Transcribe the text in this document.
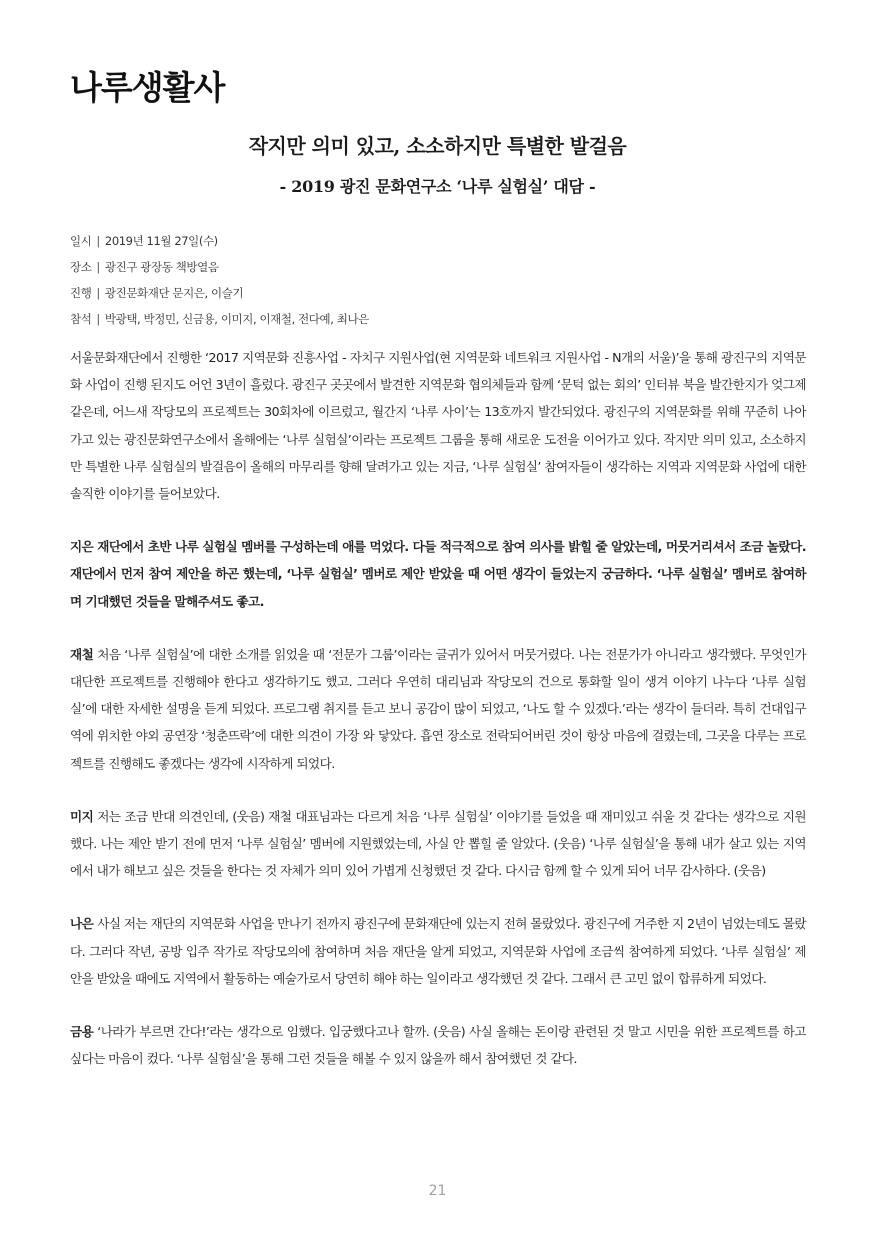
나루생활사
작지만 의미 있고, 소소하지만 특별한 발걸음
- 2019 광진 문화연구소 ‘나루 실험실’ 대담 -
일시 | 2019년 11월 27일(수)
장소 | 광진구 광장동 책방열음
진행 | 광진문화재단 문지은, 이슬기
참석 | 박광택, 박정민, 신금용, 이미지, 이재철, 전다예, 최나은

서울문화재단에서 진행한 ‘2017 지역문화 진흥사업 - 자치구 지원사업(현 지역문화 네트워크 지원사업 - N개의 서울)’을 통해 광진구의 지역문화 사업이 진행 된지도 어언 3년이 흘렀다. 광진구 곳곳에서 발견한 지역문화 협의체들과 함께 ‘문턱 없는 회의’ 인터뷰 북을 발간한지가 엊그제 같은데, 어느새 작당모의 프로젝트는 30회차에 이르렀고, 월간지 ‘나루 사이’는 13호까지 발간되었다. 광진구의 지역문화를 위해 꾸준히 나아가고 있는 광진문화연구소에서 올해에는 ‘나루 실험실’이라는 프로젝트 그룹을 통해 새로운 도전을 이어가고 있다. 작지만 의미 있고, 소소하지만 특별한 나루 실험실의 발걸음이 올해의 마무리를 향해 달려가고 있는 지금, ‘나루 실험실’ 참여자들이 생각하는 지역과 지역문화 사업에 대한 솔직한 이야기를 들어보았다.

지은 재단에서 초반 나루 실험실 멤버를 구성하는데 애를 먹었다. 다들 적극적으로 참여 의사를 밝힐 줄 알았는데, 머뭇거리셔서 조금 놀랐다. 재단에서 먼저 참여 제안을 하곤 했는데, ‘나루 실험실’ 멤버로 제안 받았을 때 어떤 생각이 들었는지 궁금하다. ‘나루 실험실’ 멤버로 참여하며 기대했던 것들을 말해주셔도 좋고.

재철 처음 ‘나루 실험실’에 대한 소개를 읽었을 때 ‘전문가 그룹’이라는 글귀가 있어서 머뭇거렸다. 나는 전문가가 아니라고 생각했다. 무엇인가 대단한 프로젝트를 진행해야 한다고 생각하기도 했고. 그러다 우연히 대리님과 작당모의 건으로 통화할 일이 생겨 이야기 나누다 ‘나루 실험실’에 대한 자세한 설명을 듣게 되었다. 프로그램 취지를 듣고 보니 공감이 많이 되었고, ‘나도 할 수 있겠다.’라는 생각이 들더라. 특히 건대입구역에 위치한 야외 공연장 ‘청춘뜨락’에 대한 의견이 가장 와 닿았다. 흡연 장소로 전락되어버린 것이 항상 마음에 걸렸는데, 그곳을 다루는 프로젝트를 진행해도 좋겠다는 생각에 시작하게 되었다.

미지 저는 조금 반대 의견인데, (웃음) 재철 대표님과는 다르게 처음 ‘나루 실험실’ 이야기를 들었을 때 재미있고 쉬울 것 같다는 생각으로 지원했다. 나는 제안 받기 전에 먼저 ‘나루 실험실’ 멤버에 지원했었는데, 사실 안 뽑힐 줄 알았다. (웃음) ‘나루 실험실’을 통해 내가 살고 있는 지역에서 내가 해보고 싶은 것들을 한다는 것 자체가 의미 있어 가볍게 신청했던 것 같다. 다시금 함께 할 수 있게 되어 너무 감사하다. (웃음)

나은 사실 저는 재단의 지역문화 사업을 만나기 전까지 광진구에 문화재단에 있는지 전혀 몰랐었다. 광진구에 거주한 지 2년이 넘었는데도 몰랐다. 그러다 작년, 공방 입주 작가로 작당모의에 참여하며 처음 재단을 알게 되었고, 지역문화 사업에 조금씩 참여하게 되었다. ‘나루 실험실’ 제안을 받았을 때에도 지역에서 활동하는 예술가로서 당연히 해야 하는 일이라고 생각했던 것 같다. 그래서 큰 고민 없이 합류하게 되었다.

금용 ‘나라가 부르면 간다!’라는 생각으로 임했다. 입궁했다고나 할까. (웃음) 사실 올해는 돈이랑 관련된 것 말고 시민을 위한 프로젝트를 하고 싶다는 마음이 컸다. ‘나루 실험실’을 통해 그런 것들을 해볼 수 있지 않을까 해서 참여했던 것 같다.

21
